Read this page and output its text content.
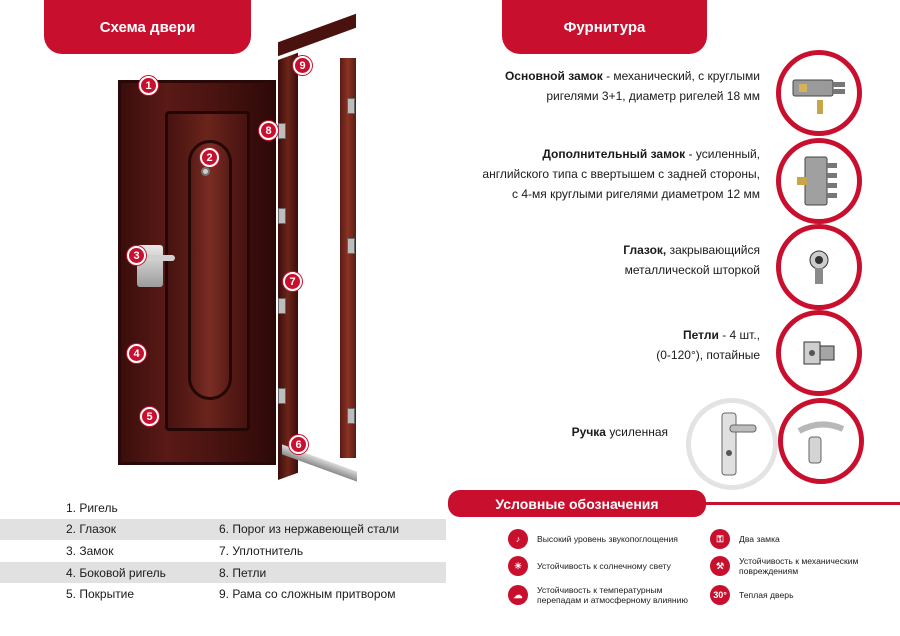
Схема двери	Фурнитура
1
2
3
4
5
6
7
8
9
1. Ригель
2. Глазок	6. Порог из нержавеющей стали
3. Замок	7. Уплотнитель
4. Боковой ригель	8. Петли
5. Покрытие	9. Рама со сложным притвором
Основной замок - механический, с круглыми
ригелями 3+1, диаметр ригелей 18 мм
Дополнительный замок - усиленный,
английского типа с ввертышем с задней стороны,
с 4-мя круглыми ригелями диаметром 12 мм
Глазок, закрывающийся
металлической шторкой
Петли - 4 шт.,
(0-120°), потайные
Ручка усиленная
Условные обозначения
♪	Высокий уровень звукопоглощения
☀	Устойчивость к солнечному свету
☁	Устойчивость к температурным
перепадам и атмосферному влиянию
⚿	Два замка
⚒	Устойчивость к механическим
повреждениям
30°	Теплая дверь
